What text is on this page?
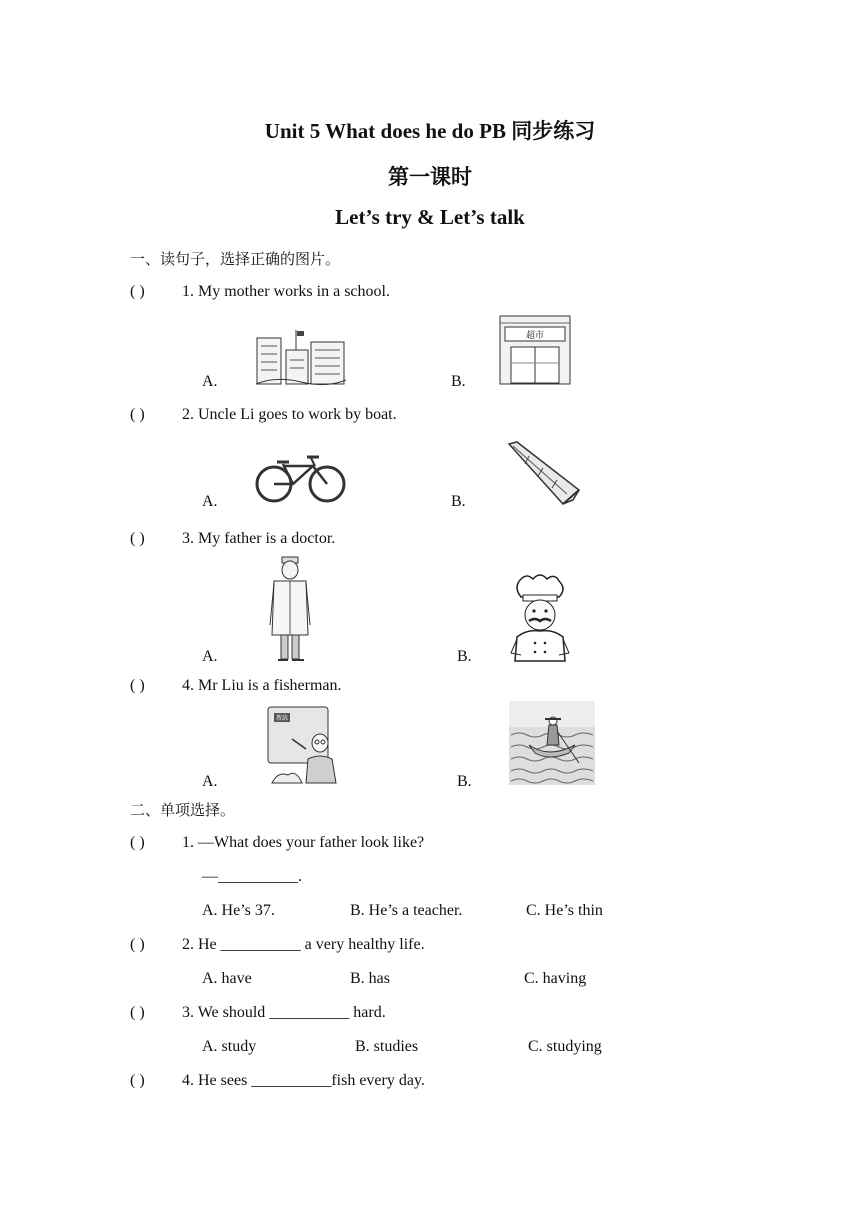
Unit 5 What does he do PB 同步练习
第一课时
Let’s try & Let’s talk
一、读句子，选择正确的图片。
( ) 1. My mother works in a school.
A.	B.
超市
( ) 2. Uncle Li goes to work by boat.
A.	B.
( ) 3. My father is a doctor.
A.	B.
( ) 4. Mr Liu is a fisherman.
A.	B.
教练
二、单项选择。
( ) 1. —What does your father look like?
—__________.
A. He’s 37.	B. He’s a teacher.	C. He’s thin
( ) 2. He __________ a very healthy life.
A. have	B. has	C. having
( ) 3. We should __________ hard.
A. study	B. studies	C. studying
( ) 4. He sees __________fish every day.
